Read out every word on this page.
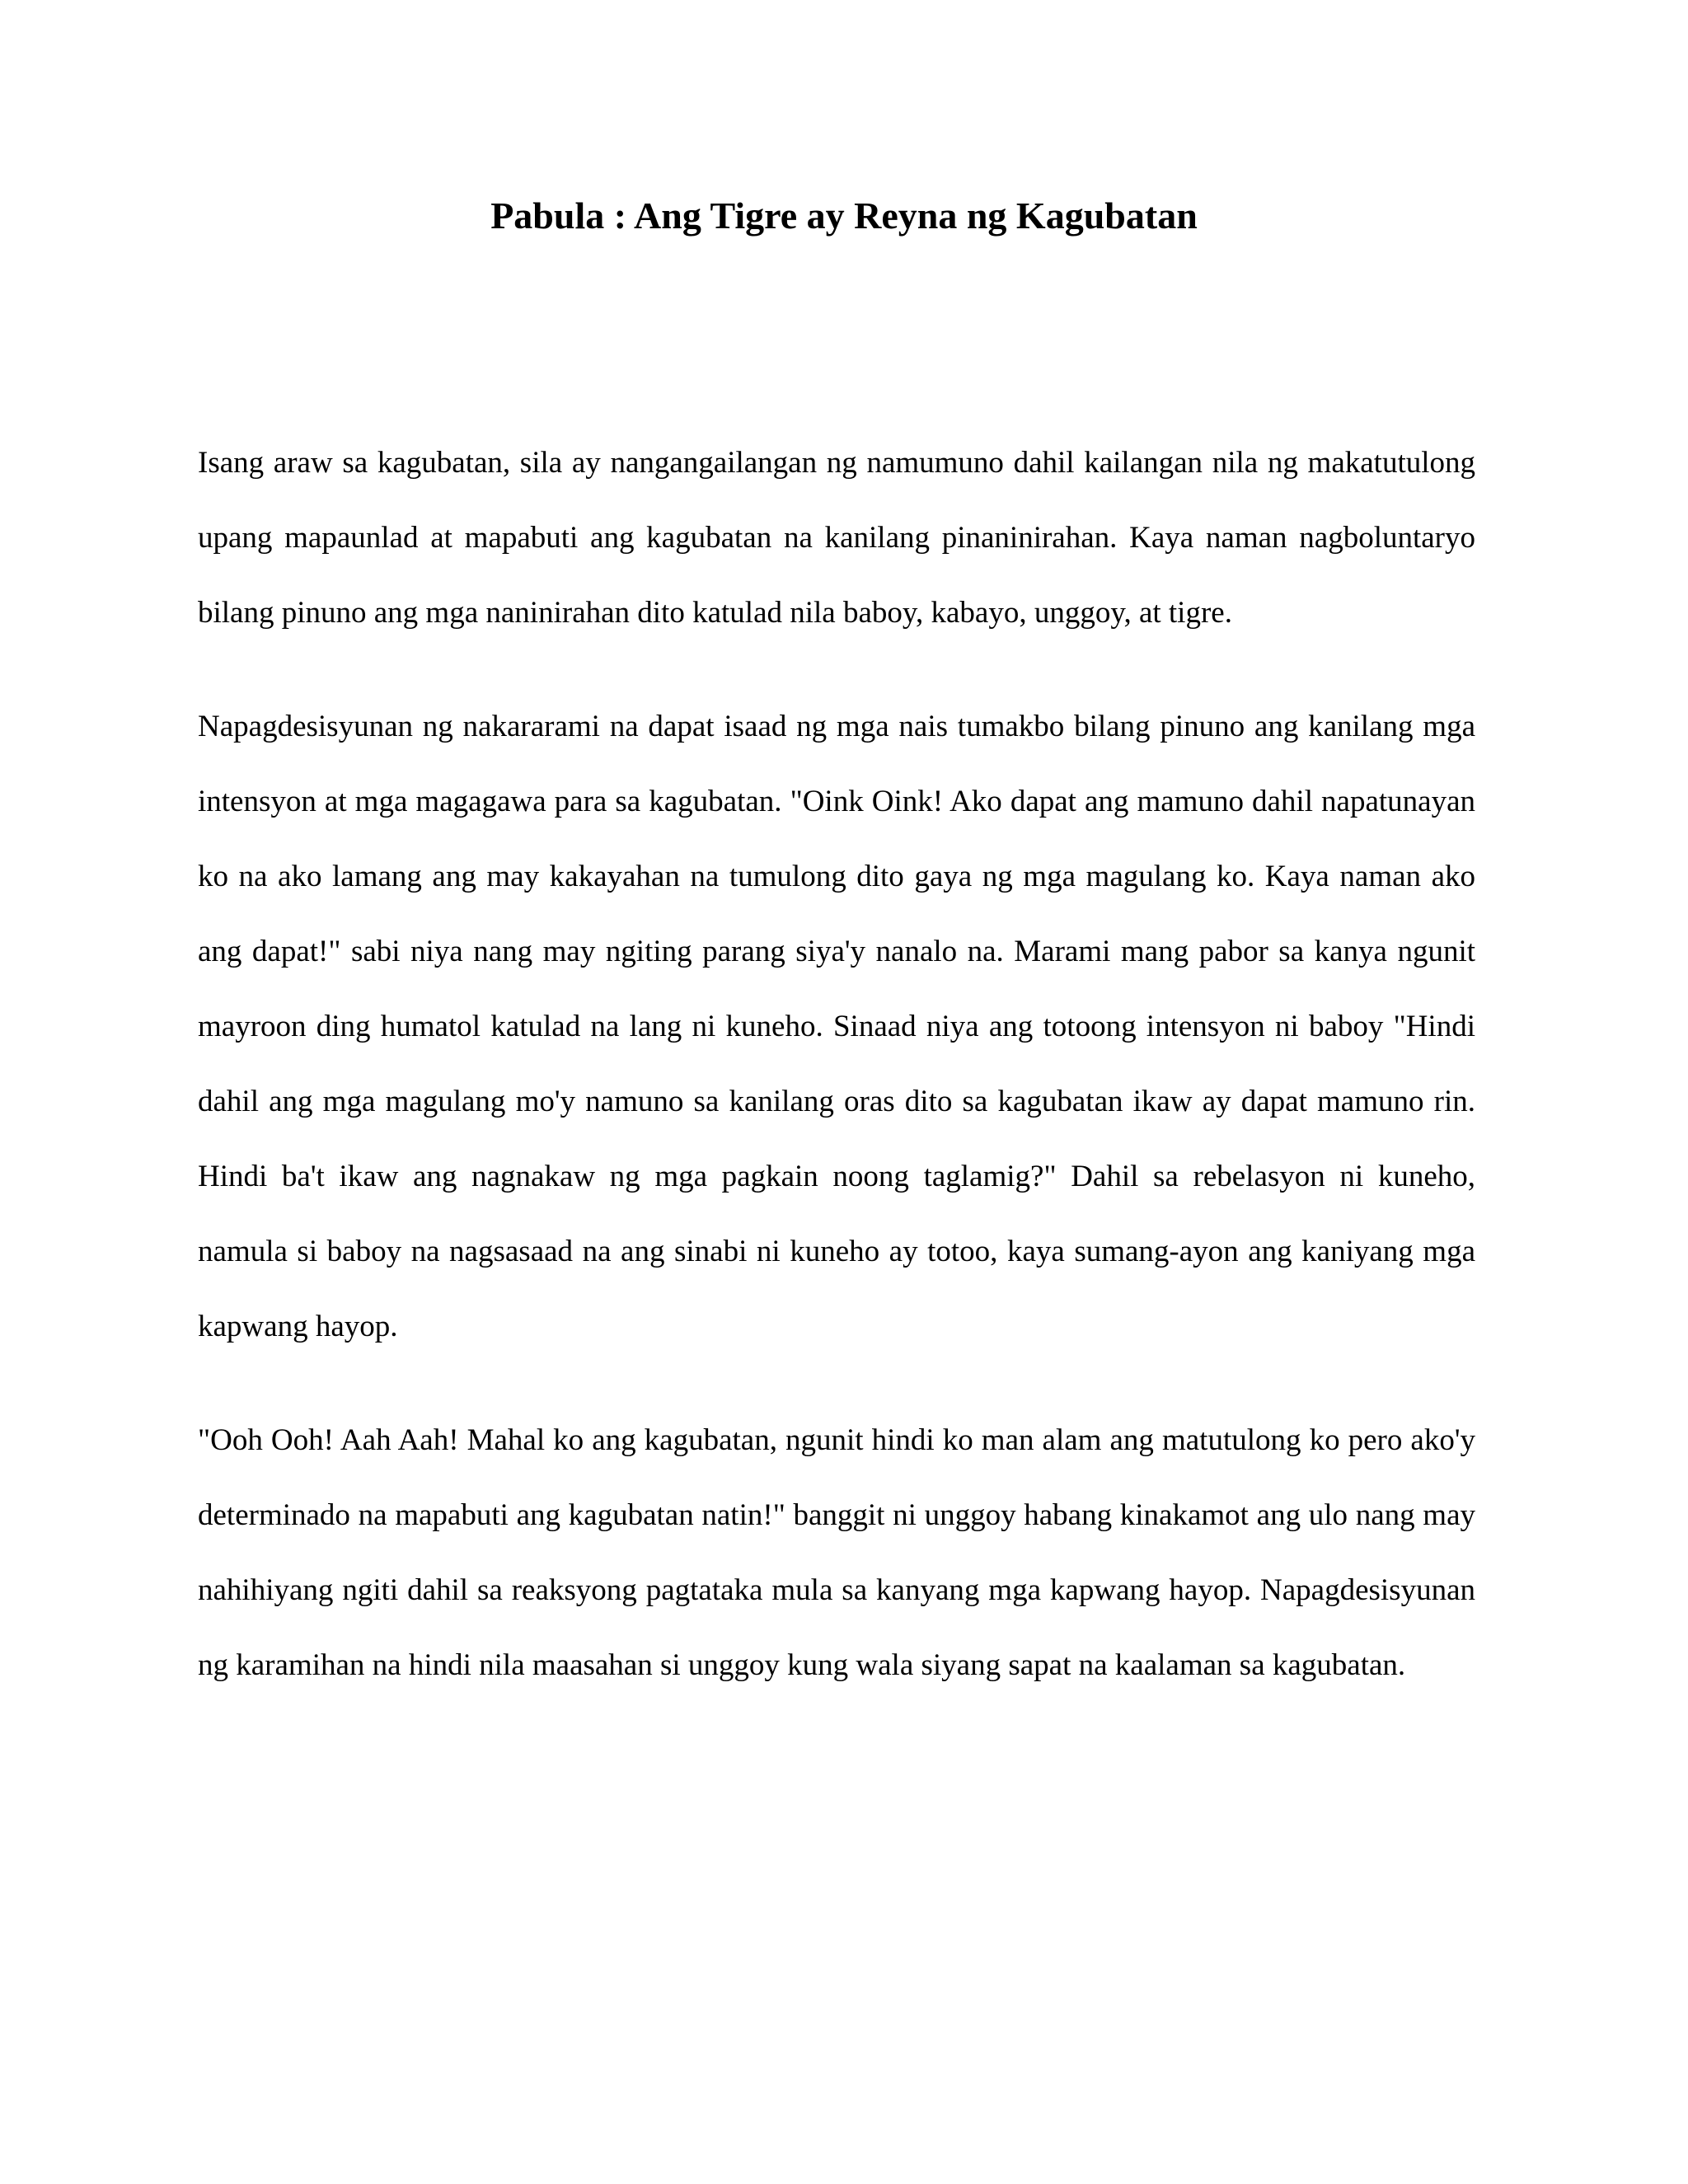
Pabula : Ang Tigre ay Reyna ng Kagubatan

Isang araw sa kagubatan, sila ay nangangailangan ng namumuno dahil kailangan nila ng makatutulong upang mapaunlad at mapabuti ang kagubatan na kanilang pinaninirahan. Kaya naman nagboluntaryo bilang pinuno ang mga naninirahan dito katulad nila baboy, kabayo, unggoy, at tigre.

Napagdesisyunan ng nakararami na dapat isaad ng mga nais tumakbo bilang pinuno ang kanilang mga intensyon at mga magagawa para sa kagubatan. "Oink Oink! Ako dapat ang mamuno dahil napatunayan ko na ako lamang ang may kakayahan na tumulong dito gaya ng mga magulang ko. Kaya naman ako ang dapat!" sabi niya nang may ngiting parang siya'y nanalo na. Marami mang pabor sa kanya ngunit mayroon ding humatol katulad na lang ni kuneho. Sinaad niya ang totoong intensyon ni baboy "Hindi dahil ang mga magulang mo'y namuno sa kanilang oras dito sa kagubatan ikaw ay dapat mamuno rin. Hindi ba't ikaw ang nagnakaw ng mga pagkain noong taglamig?" Dahil sa rebelasyon ni kuneho, namula si baboy na nagsasaad na ang sinabi ni kuneho ay totoo, kaya sumang-ayon ang kaniyang mga kapwang hayop.

"Ooh Ooh! Aah Aah! Mahal ko ang kagubatan, ngunit hindi ko man alam ang matutulong ko pero ako'y determinado na mapabuti ang kagubatan natin!" banggit ni unggoy habang kinakamot ang ulo nang may nahihiyang ngiti dahil sa reaksyong pagtataka mula sa kanyang mga kapwang hayop. Napagdesisyunan ng karamihan na hindi nila maasahan si unggoy kung wala siyang sapat na kaalaman sa kagubatan.
